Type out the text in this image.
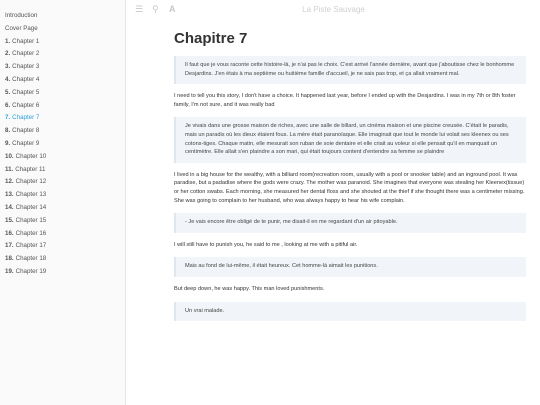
Introduction
Cover Page
1. Chapter 1
2. Chapter 2
3. Chapter 3
4. Chapter 4
5. Chapter 5
6. Chapter 6
7. Chapter 7
8. Chapter 8
9. Chapter 9
10. Chapter 10
11. Chapter 11
12. Chapter 12
13. Chapter 13
14. Chapter 14
15. Chapter 15
16. Chapter 16
17. Chapter 17
18. Chapter 18
19. Chapter 19
☰ ⚲ A	La Piste Sauvage
Chapitre 7
Il faut que je vous raconte cette histoire-là, je n'ai pas le choix. C'est arrivé l'année dernière, avant que j'aboutisse chez le bonhomme Desjardins. J'en étais à ma septième ou huitième famille d'accueil, je ne sais pas trop, et ça allait vraiment mal.
I need to tell you this story, I don't have a choice. It happened last year, before I ended up with the Desjardins. I was in my 7th or 8th foster family, I'm not sure, and it was really bad
Je vivais dans une grosse maison de riches, avec une salle de billard, un cinéma maison et une piscine creusée. C'était le paradis, mais un paradis où les dieux étaient fous. La mère était paranoïaque. Elle imaginait que tout le monde lui volait ses kleenex ou ses cotons-tiges. Chaque matin, elle mesurait son ruban de soie dentaire et elle criait au voleur si elle pensait qu'il en manquait un centimètre. Elle allait s'en plaindre a son mari, qui était toujours content d'entendre sa femme se plaindre
I lived in a big house for the wealthy, with a billiard room(recreation room, usually with a pool or snooker table) and an inground pool. It was paradise, but a padadise where the gods were crazy. The mother was paranoid. She imagines that everyone was stealing her Kleenex(tissue) or her cotton swabs. Each morning, she measured her dental floss and she shouted at the thief if she thought there was a centimeter missing. She was going to complain to her husband, who was always happy to hear his wife complain.
- Je vais encore être obligé de te punir, me disait-il en me regardant d'un air pitoyable.
I will still have to punish you, he said to me , looking at me with a pitiful air.
Mais au fond de lui-même, il était heureux. Cet homme-là aimait les punitions.
But deep down, he was happy. This man loved punishments.
Un vrai malade.
